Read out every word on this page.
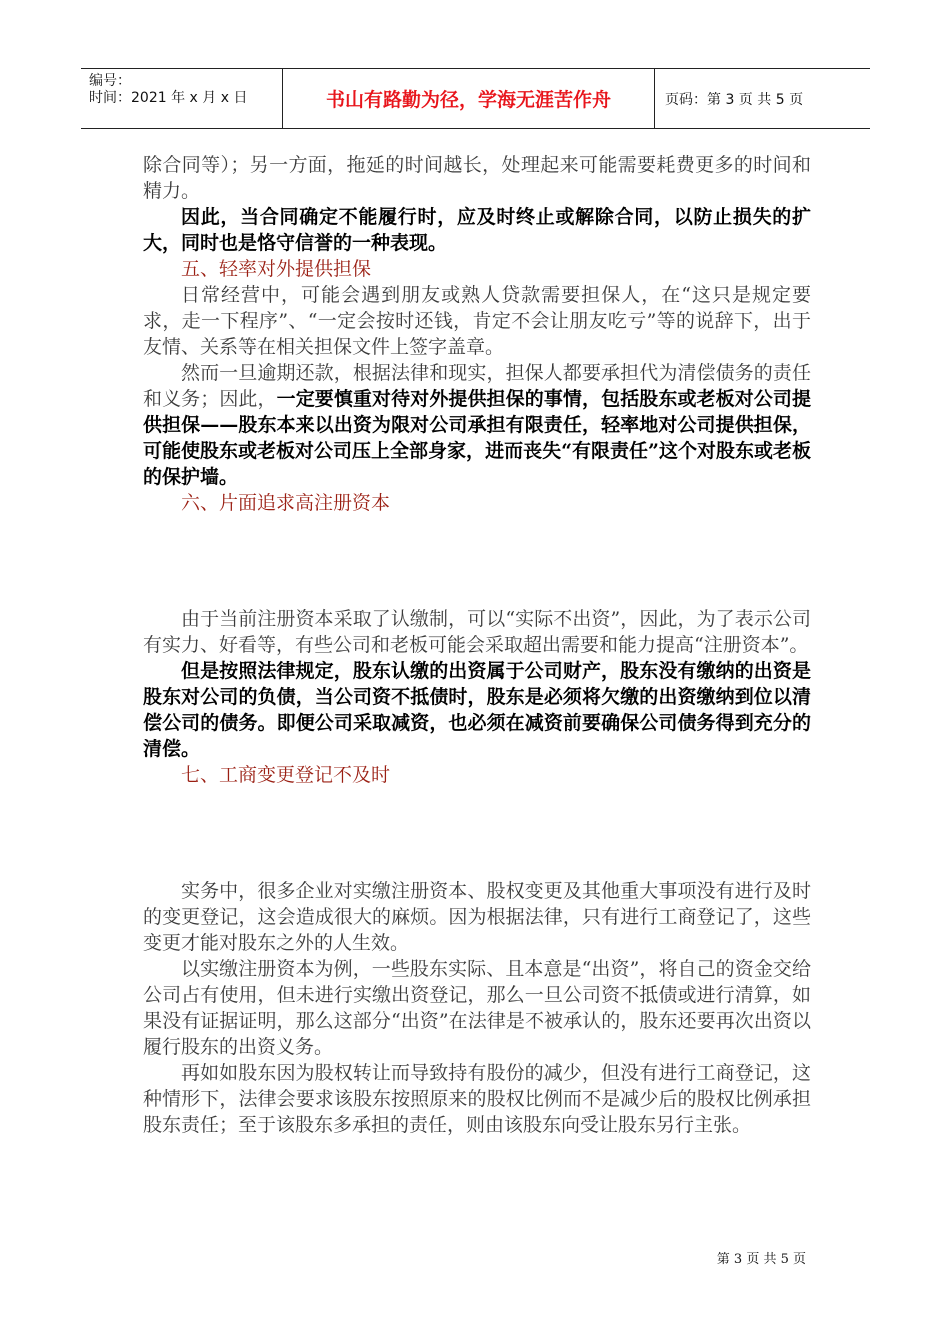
编号：
时间：2021 年 x 月 x 日	书山有路勤为径，学海无涯苦作舟	页码：第 3 页 共 5 页

除合同等）；另一方面，拖延的时间越长，处理起来可能需要耗费更多的时间和精力。

因此，当合同确定不能履行时，应及时终止或解除合同，以防止损失的扩大，同时也是恪守信誉的一种表现。

五、轻率对外提供担保

日常经营中，可能会遇到朋友或熟人贷款需要担保人，在“这只是规定要求，走一下程序”、“一定会按时还钱，肯定不会让朋友吃亏”等的说辞下，出于友情、关系等在相关担保文件上签字盖章。

然而一旦逾期还款，根据法律和现实，担保人都要承担代为清偿债务的责任和义务；因此，一定要慎重对待对外提供担保的事情，包括股东或老板对公司提供担保——股东本来以出资为限对公司承担有限责任，轻率地对公司提供担保，可能使股东或老板对公司压上全部身家，进而丧失“有限责任”这个对股东或老板的保护墙。

六、片面追求高注册资本

由于当前注册资本采取了认缴制，可以“实际不出资”，因此，为了表示公司有实力、好看等，有些公司和老板可能会采取超出需要和能力提高“注册资本”。

但是按照法律规定，股东认缴的出资属于公司财产，股东没有缴纳的出资是股东对公司的负债，当公司资不抵债时，股东是必须将欠缴的出资缴纳到位以清偿公司的债务。即便公司采取减资，也必须在减资前要确保公司债务得到充分的清偿。

七、工商变更登记不及时

实务中，很多企业对实缴注册资本、股权变更及其他重大事项没有进行及时的变更登记，这会造成很大的麻烦。因为根据法律，只有进行工商登记了，这些变更才能对股东之外的人生效。

以实缴注册资本为例，一些股东实际、且本意是“出资”，将自己的资金交给公司占有使用，但未进行实缴出资登记，那么一旦公司资不抵债或进行清算，如果没有证据证明，那么这部分“出资”在法律是不被承认的，股东还要再次出资以履行股东的出资义务。

再如如股东因为股权转让而导致持有股份的减少，但没有进行工商登记，这种情形下，法律会要求该股东按照原来的股权比例而不是减少后的股权比例承担股东责任；至于该股东多承担的责任，则由该股东向受让股东另行主张。

第 3 页 共 5 页
